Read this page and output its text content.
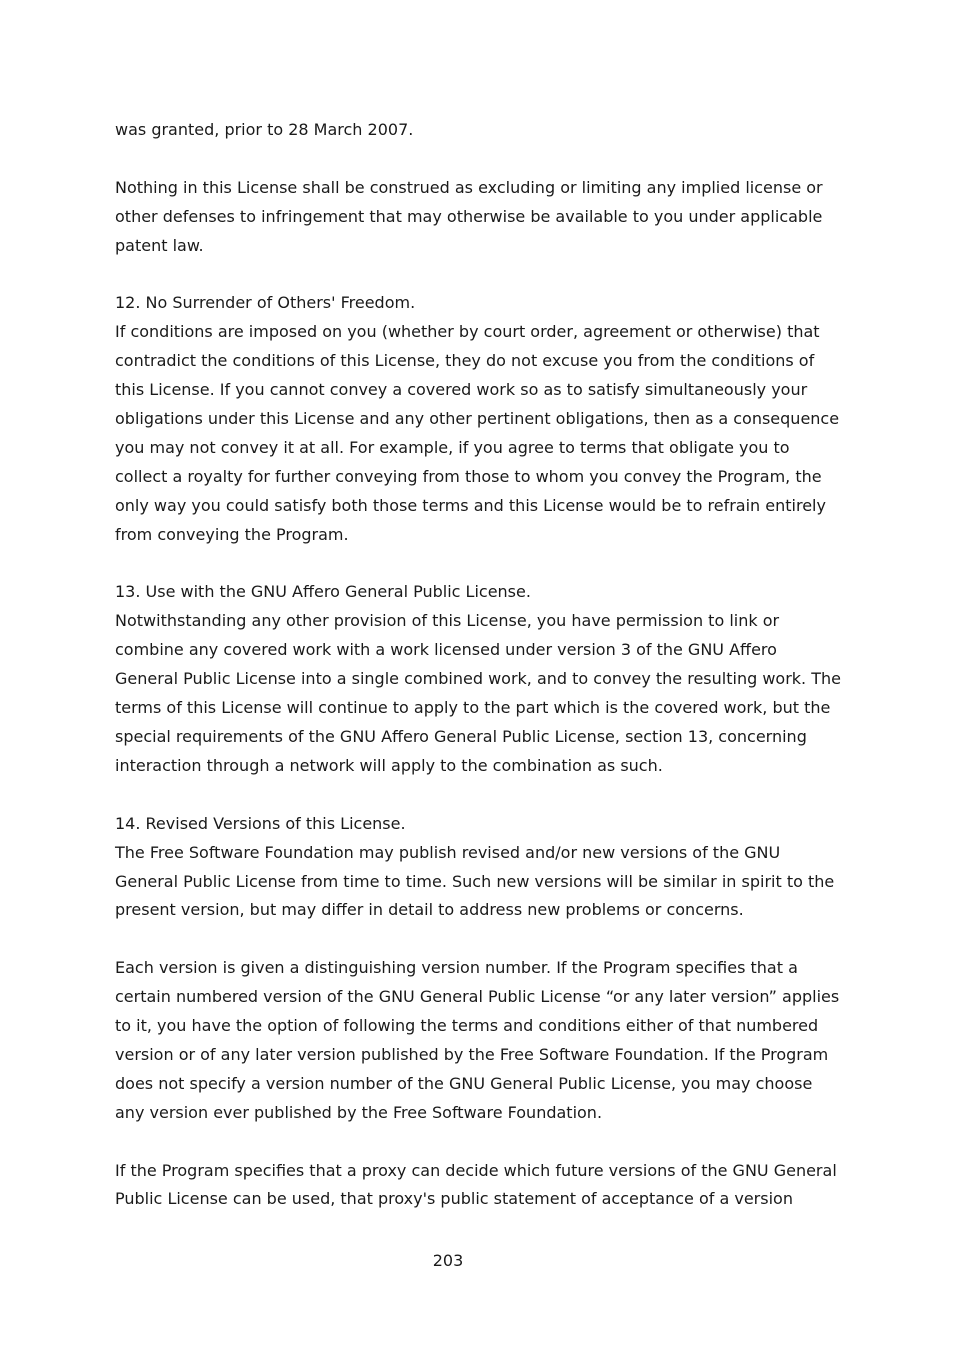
was granted, prior to 28 March 2007.

Nothing in this License shall be construed as excluding or limiting any implied license or other defenses to infringement that may otherwise be available to you under applicable patent law.

12. No Surrender of Others' Freedom.

If conditions are imposed on you (whether by court order, agreement or otherwise) that contradict the conditions of this License, they do not excuse you from the conditions of this License. If you cannot convey a covered work so as to satisfy simultaneously your obligations under this License and any other pertinent obligations, then as a consequence you may not convey it at all. For example, if you agree to terms that obligate you to collect a royalty for further conveying from those to whom you convey the Program, the only way you could satisfy both those terms and this License would be to refrain entirely from conveying the Program.

13. Use with the GNU Affero General Public License.

Notwithstanding any other provision of this License, you have permission to link or combine any covered work with a work licensed under version 3 of the GNU Affero General Public License into a single combined work, and to convey the resulting work. The terms of this License will continue to apply to the part which is the covered work, but the special requirements of the GNU Affero General Public License, section 13, concerning interaction through a network will apply to the combination as such.

14. Revised Versions of this License.

The Free Software Foundation may publish revised and/or new versions of the GNU General Public License from time to time. Such new versions will be similar in spirit to the present version, but may differ in detail to address new problems or concerns.

Each version is given a distinguishing version number. If the Program specifies that a certain numbered version of the GNU General Public License “or any later version” applies to it, you have the option of following the terms and conditions either of that numbered version or of any later version published by the Free Software Foundation. If the Program does not specify a version number of the GNU General Public License, you may choose any version ever published by the Free Software Foundation.

If the Program specifies that a proxy can decide which future versions of the GNU General Public License can be used, that proxy's public statement of acceptance of a version

203
